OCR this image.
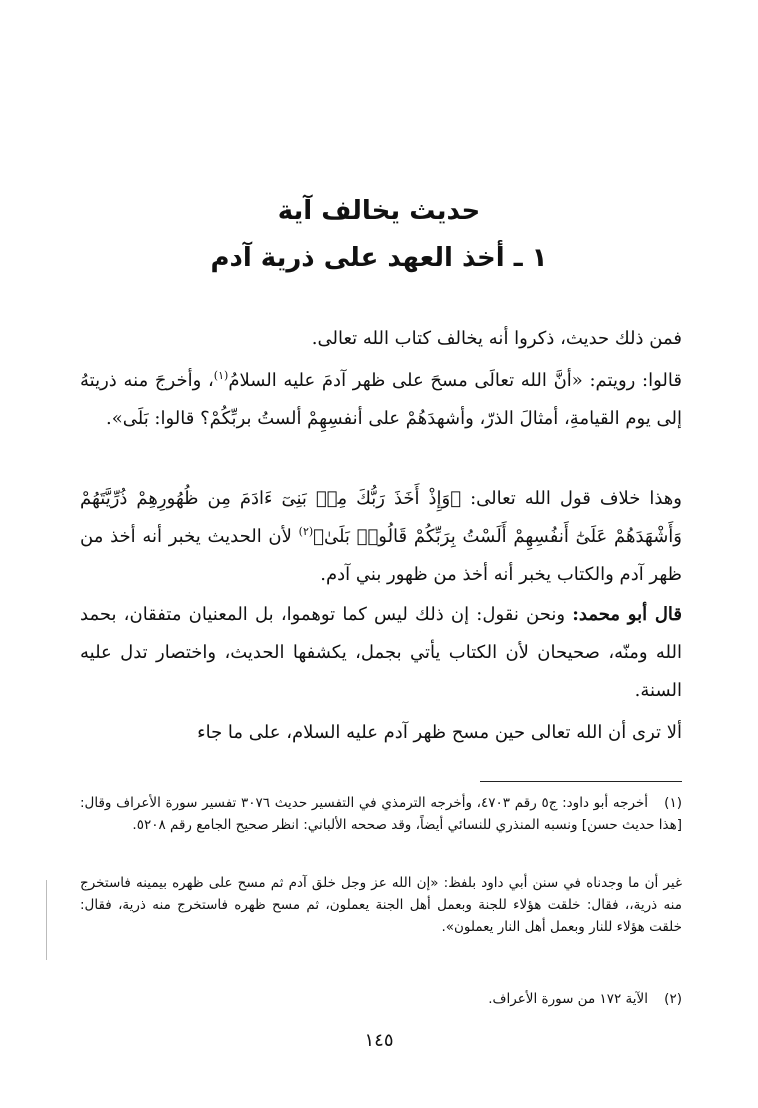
حديث يخالف آية
١ ـ أخذ العهد على ذرية آدم

فمن ذلك حديث، ذكروا أنه يخالف كتاب الله تعالى.

قالوا: رويتم: «أنَّ الله تعالَى مسحَ على ظهر آدمَ عليه السلامُ$^{(١)}$، وأخرجَ منه ذريتهُ إلى يوم القيامةِ، أمثالَ الذرّ، وأشهدَهُمْ على أنفسِهِمْ ألستُ بربِّكُمْ؟ قالوا: بَلَى».

وهذا خلاف قول الله تعالى: ﴿وَإِذْ أَخَذَ رَبُّكَ مِنۢ بَنِىٓ ءَادَمَ مِن ظُهُورِهِمْ ذُرِّيَّتَهُمْ وَأَشْهَدَهُمْ عَلَىٰٓ أَنفُسِهِمْ أَلَسْتُ بِرَبِّكُمْ قَالُوا۟ بَلَىٰ﴾$^{(٢)}$ لأن الحديث يخبر أنه أخذ من ظهر آدم والكتاب يخبر أنه أخذ من ظهور بني آدم.

قال أبو محمد: ونحن نقول: إن ذلك ليس كما توهموا، بل المعنيان متفقان، بحمد الله ومنّه، صحيحان لأن الكتاب يأتي بجمل، يكشفها الحديث، واختصار تدل عليه السنة.

ألا ترى أن الله تعالى حين مسح ظهر آدم عليه السلام، على ما جاء

(١)أخرجه أبو داود: ج٥ رقم ٤٧٠٣، وأخرجه الترمذي في التفسير حديث ٣٠٧٦ تفسير سورة الأعراف وقال: [هذا حديث حسن] ونسبه المنذري للنسائي أيضاً، وقد صححه الألباني: انظر صحيح الجامع رقم ٥٢٠٨.

غير أن ما وجدناه في سنن أبي داود بلفظ: «إن الله عز وجل خلق آدم ثم مسح على ظهره بيمينه فاستخرج منه ذرية،، فقال: خلقت هؤلاء للجنة وبعمل أهل الجنة يعملون، ثم مسح ظهره فاستخرج منه ذرية، فقال: خلقت هؤلاء للنار وبعمل أهل النار يعملون».

(٢)الآية ١٧٢ من سورة الأعراف.

١٤٥
